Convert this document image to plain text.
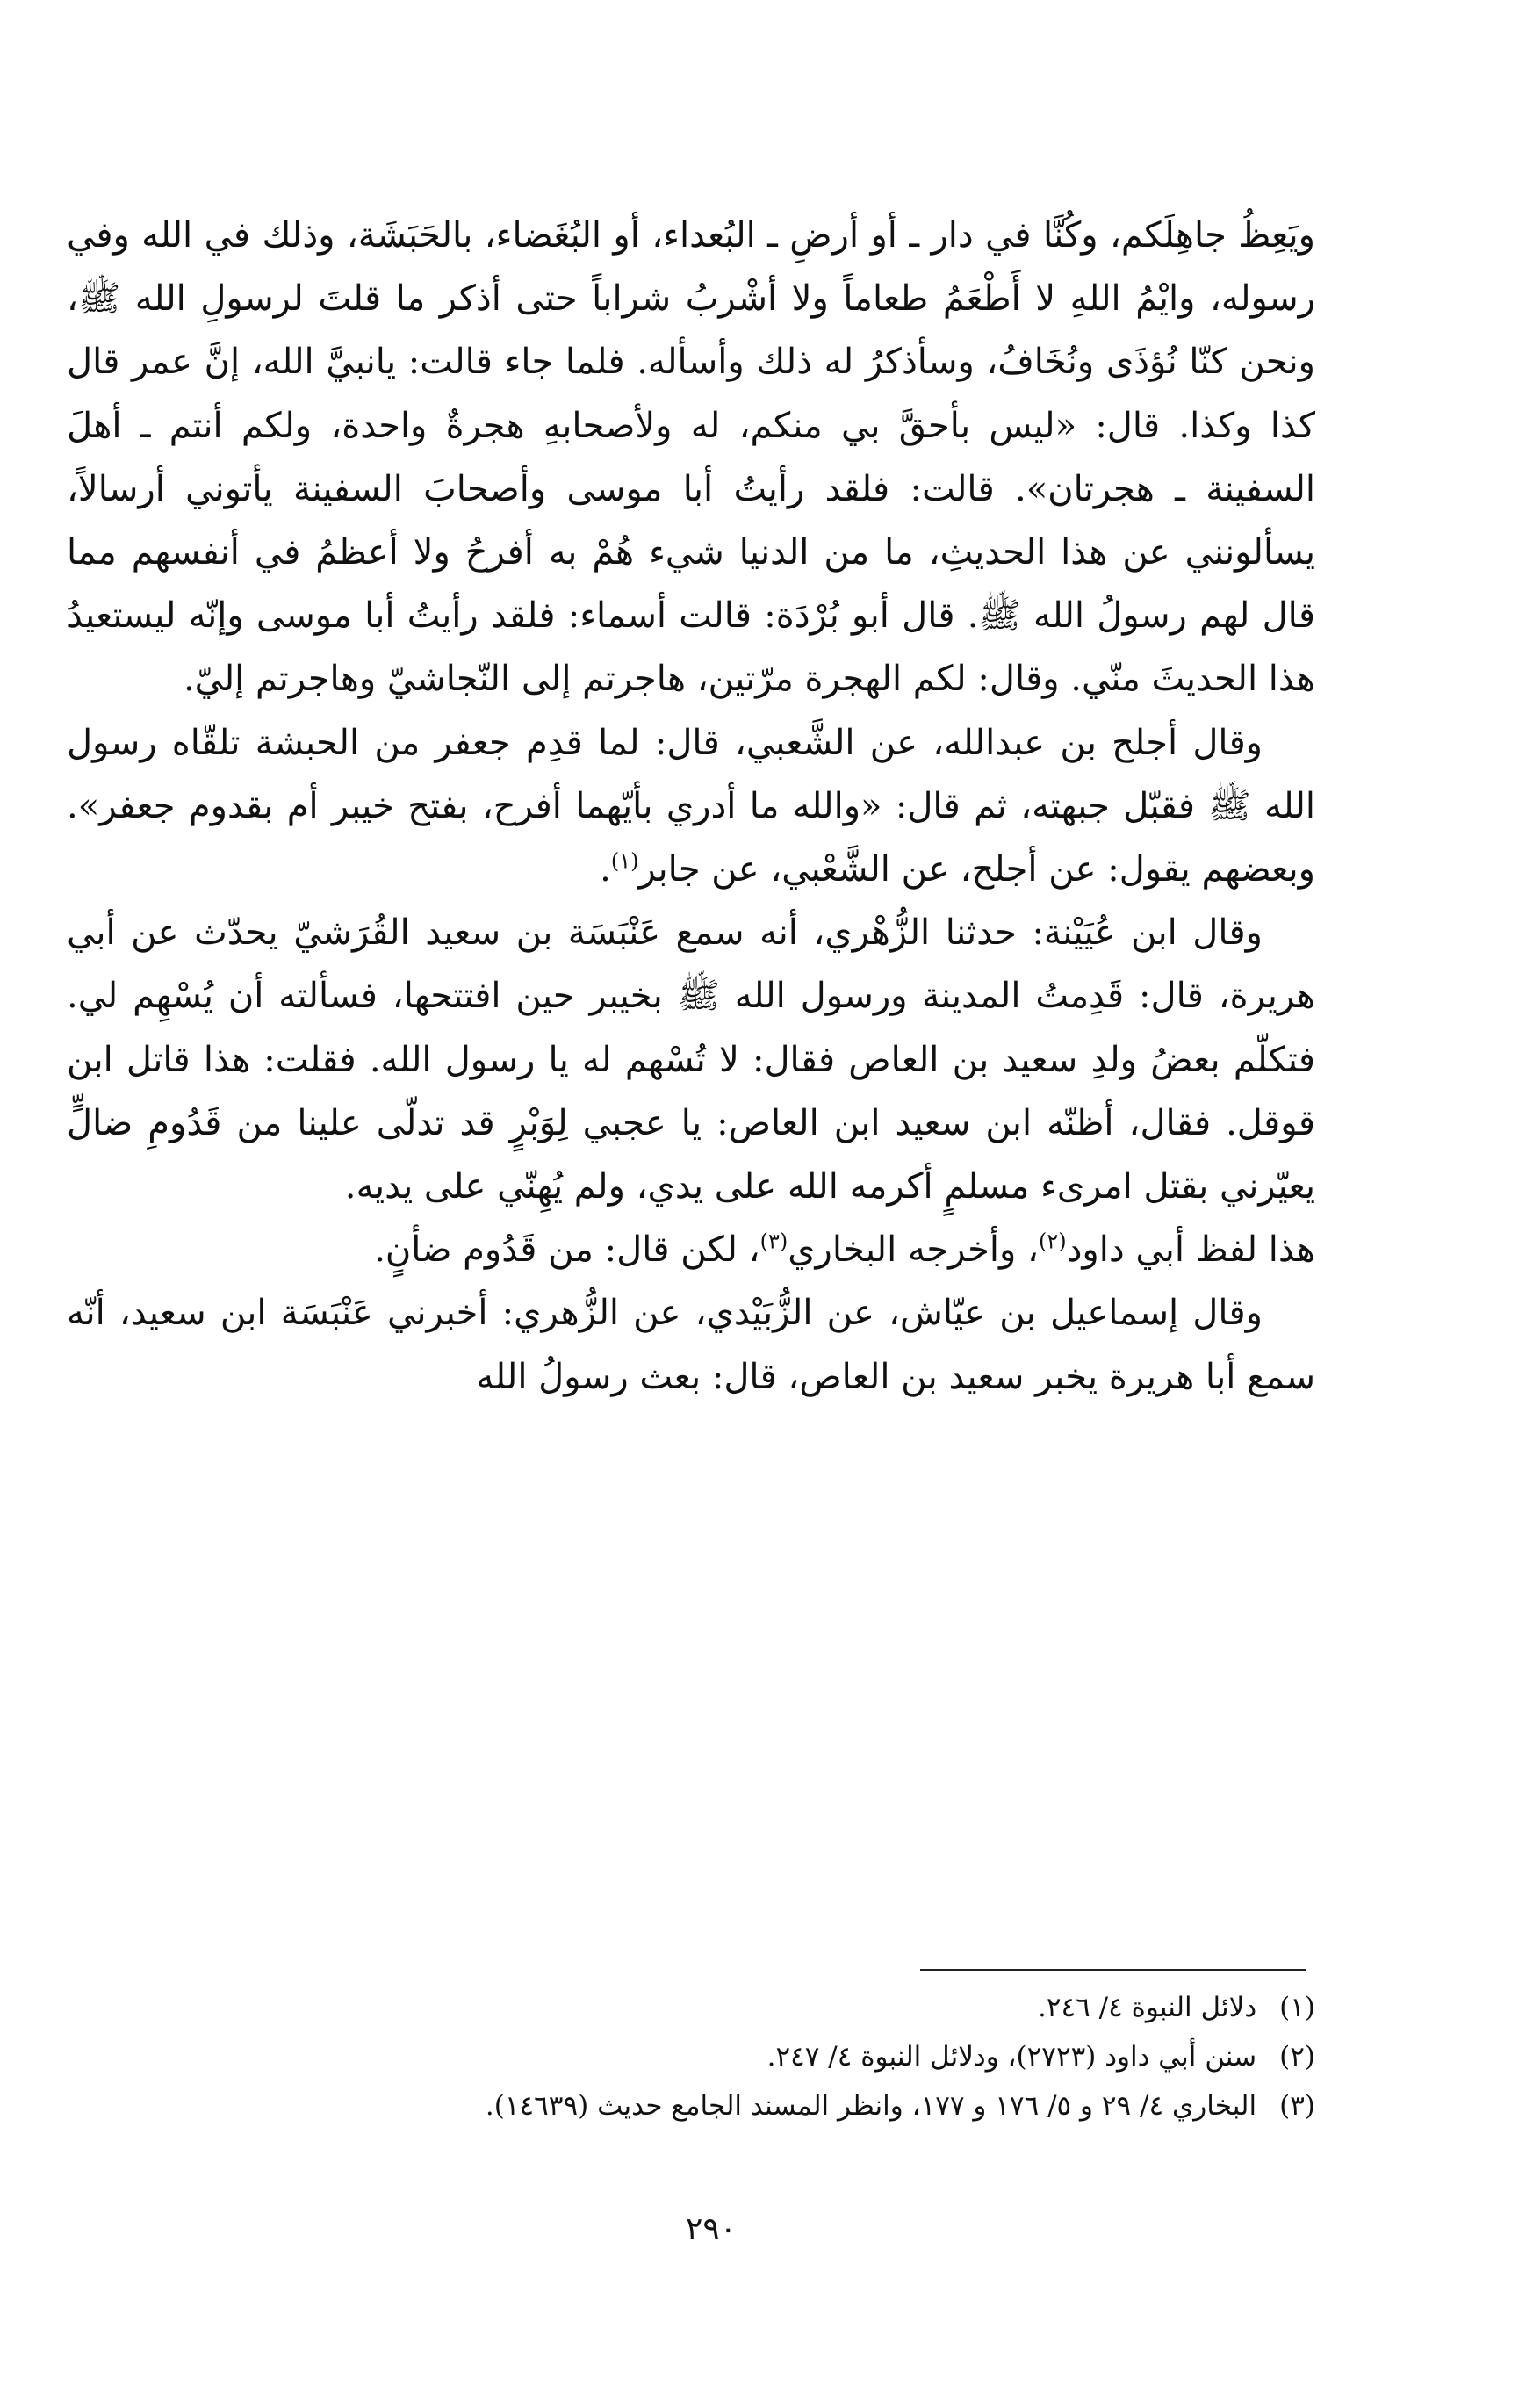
ويَعِظُ جاهِلَكم، وكُنَّا في دار ـ أو أرضِ ـ البُعداء، أو البُغَضاء، بالحَبَشَة، وذلك في الله وفي رسوله، وايْمُ اللهِ لا أَطْعَمُ طعاماً ولا أشْربُ شراباً حتى أذكر ما قلتَ لرسولِ الله ﷺ، ونحن كنّا نُؤذَى ونُخَافُ، وسأذكرُ له ذلك وأسأله. فلما جاء قالت: يانبيَّ الله، إنَّ عمر قال كذا وكذا. قال: «ليس بأحقَّ بي منكم، له ولأصحابهِ هجرةٌ واحدة، ولكم أنتم ـ أهلَ السفينة ـ هجرتان». قالت: فلقد رأيتُ أبا موسى وأصحابَ السفينة يأتوني أرسالاً، يسألونني عن هذا الحديثِ، ما من الدنيا شيء هُمْ به أفرحُ ولا أعظمُ في أنفسهم مما قال لهم رسولُ الله ﷺ. قال أبو بُرْدَة: قالت أسماء: فلقد رأيتُ أبا موسى وإنّه ليستعيدُ هذا الحديثَ منّي. وقال: لكم الهجرة مرّتين، هاجرتم إلى النّجاشيّ وهاجرتم إليّ.

وقال أجلح بن عبدالله، عن الشَّعبي، قال: لما قدِم جعفر من الحبشة تلقّاه رسول الله ﷺ فقبّل جبهته، ثم قال: «والله ما أدري بأيّهما أفرح، بفتح خيبر أم بقدوم جعفر». وبعضهم يقول: عن أجلح، عن الشَّعْبي، عن جابر$^{(١)}$.

وقال ابن عُيَيْنة: حدثنا الزُّهْري، أنه سمع عَنْبَسَة بن سعيد القُرَشيّ يحدّث عن أبي هريرة، قال: قَدِمتُ المدينة ورسول الله ﷺ بخيبر حين افتتحها، فسألته أن يُسْهِم لي. فتكلّم بعضُ ولدِ سعيد بن العاص فقال: لا تُسْهم له يا رسول الله. فقلت: هذا قاتل ابن قوقل. فقال، أظنّه ابن سعيد ابن العاص: يا عجبي لِوَبْرٍ قد تدلّى علينا من قَدُومِ ضالٍّ يعيّرني بقتل امرىء مسلمٍ أكرمه الله على يدي، ولم يُهِنّي على يديه.

هذا لفظ أبي داود$^{(٢)}$، وأخرجه البخاري$^{(٣)}$، لكن قال: من قَدُوم ضأنٍ.

وقال إسماعيل بن عيّاش، عن الزُّبَيْدي، عن الزُّهري: أخبرني عَنْبَسَة ابن سعيد، أنّه سمع أبا هريرة يخبر سعيد بن العاص، قال: بعث رسولُ الله

(١)
دلائل النبوة ٤/ ٢٤٦.
(٢)
سنن أبي داود (٢٧٢٣)، ودلائل النبوة ٤/ ٢٤٧.
(٣)
البخاري ٤/ ٢٩ و ٥/ ١٧٦ و ١٧٧، وانظر المسند الجامع حديث (١٤٦٣٩).
٢٩٠
